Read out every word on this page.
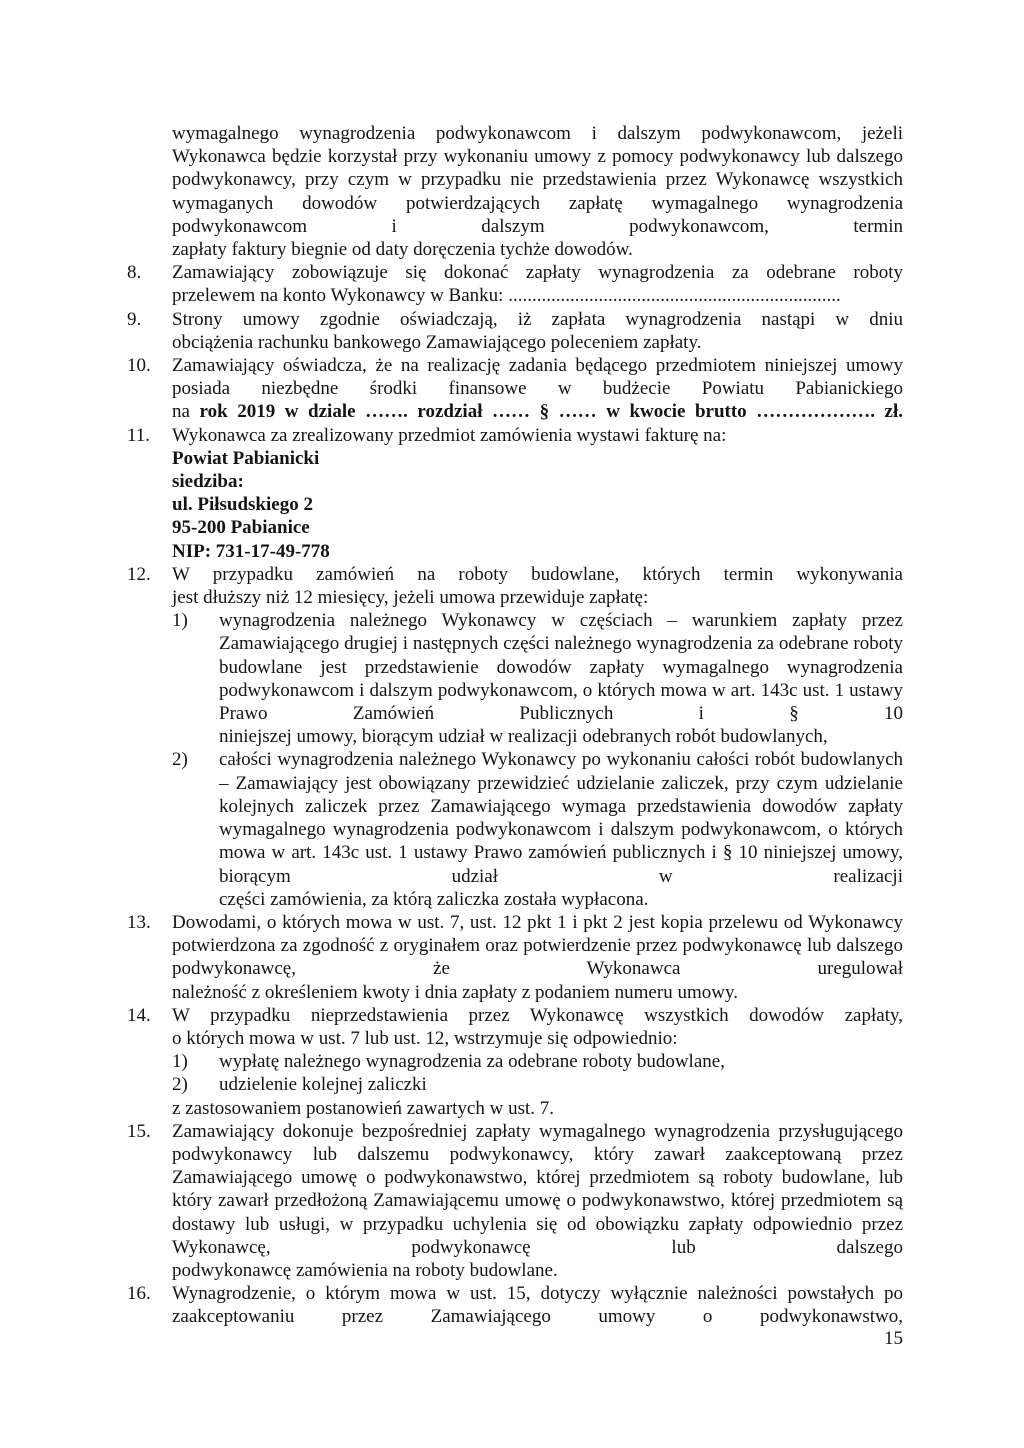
wymagalnego wynagrodzenia podwykonawcom i dalszym podwykonawcom, jeżeli Wykonawca będzie korzystał przy wykonaniu umowy z pomocy podwykonawcy lub dalszego podwykonawcy, przy czym w przypadku nie przedstawienia przez Wykonawcę wszystkich wymaganych dowodów potwierdzających zapłatę wymagalnego wynagrodzenia podwykonawcom i dalszym podwykonawcom, termin
zapłaty faktury biegnie od daty doręczenia tychże dowodów.
8. Zamawiający zobowiązuje się dokonać zapłaty wynagrodzenia za odebrane roboty
przelewem na konto Wykonawcy w Banku: ......................................................................
9. Strony umowy zgodnie oświadczają, iż zapłata wynagrodzenia nastąpi w dniu
obciążenia rachunku bankowego Zamawiającego poleceniem zapłaty.
10. Zamawiający oświadcza, że na realizację zadania będącego przedmiotem niniejszej umowy posiada niezbędne środki finansowe w budżecie Powiatu Pabianickiego
na rok 2019 w dziale ……. rozdział …… § …… w kwocie brutto ………………. zł.
11. Wykonawca za zrealizowany przedmiot zamówienia wystawi fakturę na:
Powiat Pabianicki
siedziba:
ul. Piłsudskiego 2
95-200 Pabianice
NIP: 731-17-49-778
12. W przypadku zamówień na roboty budowlane, których termin wykonywania
jest dłuższy niż 12 miesięcy, jeżeli umowa przewiduje zapłatę:
1) wynagrodzenia należnego Wykonawcy w częściach – warunkiem zapłaty przez Zamawiającego drugiej i następnych części należnego wynagrodzenia za odebrane roboty budowlane jest przedstawienie dowodów zapłaty wymagalnego wynagrodzenia podwykonawcom i dalszym podwykonawcom, o których mowa w art. 143c ust. 1 ustawy Prawo Zamówień Publicznych i § 10
niniejszej umowy, biorącym udział w realizacji odebranych robót budowlanych,
2) całości wynagrodzenia należnego Wykonawcy po wykonaniu całości robót budowlanych – Zamawiający jest obowiązany przewidzieć udzielanie zaliczek, przy czym udzielanie kolejnych zaliczek przez Zamawiającego wymaga przedstawienia dowodów zapłaty wymagalnego wynagrodzenia podwykonawcom i dalszym podwykonawcom, o których mowa w art. 143c ust. 1 ustawy Prawo zamówień publicznych i § 10 niniejszej umowy, biorącym udział w realizacji
części zamówienia, za którą zaliczka została wypłacona.
13. Dowodami, o których mowa w ust. 7, ust. 12 pkt 1 i pkt 2 jest kopia przelewu od Wykonawcy potwierdzona za zgodność z oryginałem oraz potwierdzenie przez podwykonawcę lub dalszego podwykonawcę, że Wykonawca uregulował
należność z określeniem kwoty i dnia zapłaty z podaniem numeru umowy.
14. W przypadku nieprzedstawienia przez Wykonawcę wszystkich dowodów zapłaty,
o których mowa w ust. 7 lub ust. 12, wstrzymuje się odpowiednio:
1) wypłatę należnego wynagrodzenia za odebrane roboty budowlane,
2) udzielenie kolejnej zaliczki
z zastosowaniem postanowień zawartych w ust. 7.
15. Zamawiający dokonuje bezpośredniej zapłaty wymagalnego wynagrodzenia przysługującego podwykonawcy lub dalszemu podwykonawcy, który zawarł zaakceptowaną przez Zamawiającego umowę o podwykonawstwo, której przedmiotem są roboty budowlane, lub który zawarł przedłożoną Zamawiającemu umowę o podwykonawstwo, której przedmiotem są dostawy lub usługi, w przypadku uchylenia się od obowiązku zapłaty odpowiednio przez Wykonawcę, podwykonawcę lub dalszego
podwykonawcę zamówienia na roboty budowlane.
16. Wynagrodzenie, o którym mowa w ust. 15, dotyczy wyłącznie należności powstałych po zaakceptowaniu przez Zamawiającego umowy o podwykonawstwo,
15
